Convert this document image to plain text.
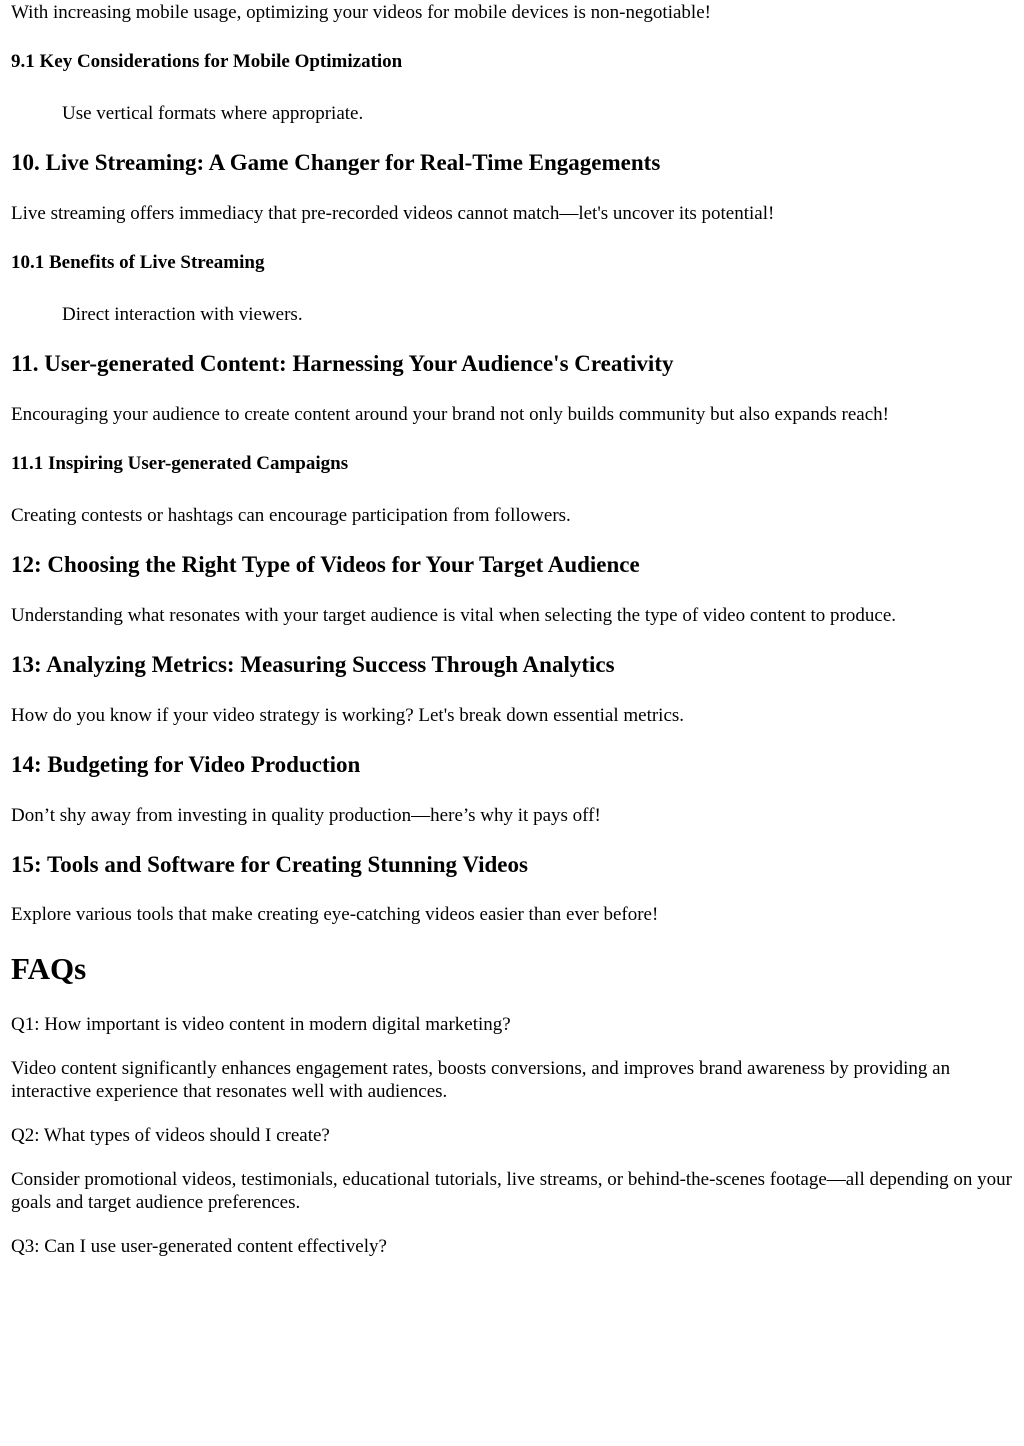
With increasing mobile usage, optimizing your videos for mobile devices is non-negotiable!

9.1 Key Considerations for Mobile Optimization

Use vertical formats where appropriate.

10. Live Streaming: A Game Changer for Real-Time Engagements

Live streaming offers immediacy that pre-recorded videos cannot match—let's uncover its potential!

10.1 Benefits of Live Streaming

Direct interaction with viewers.

11. User-generated Content: Harnessing Your Audience's Creativity

Encouraging your audience to create content around your brand not only builds community but also expands reach!

11.1 Inspiring User-generated Campaigns

Creating contests or hashtags can encourage participation from followers.

12: Choosing the Right Type of Videos for Your Target Audience

Understanding what resonates with your target audience is vital when selecting the type of video content to produce.

13: Analyzing Metrics: Measuring Success Through Analytics

How do you know if your video strategy is working? Let's break down essential metrics.

14: Budgeting for Video Production

Don’t shy away from investing in quality production—here’s why it pays off!

15: Tools and Software for Creating Stunning Videos

Explore various tools that make creating eye-catching videos easier than ever before!

FAQs

Q1: How important is video content in modern digital marketing?

Video content significantly enhances engagement rates, boosts conversions, and improves brand awareness by providing an interactive experience that resonates well with audiences.

Q2: What types of videos should I create?

Consider promotional videos, testimonials, educational tutorials, live streams, or behind-the-scenes footage—all depending on your goals and target audience preferences.

Q3: Can I use user-generated content effectively?
